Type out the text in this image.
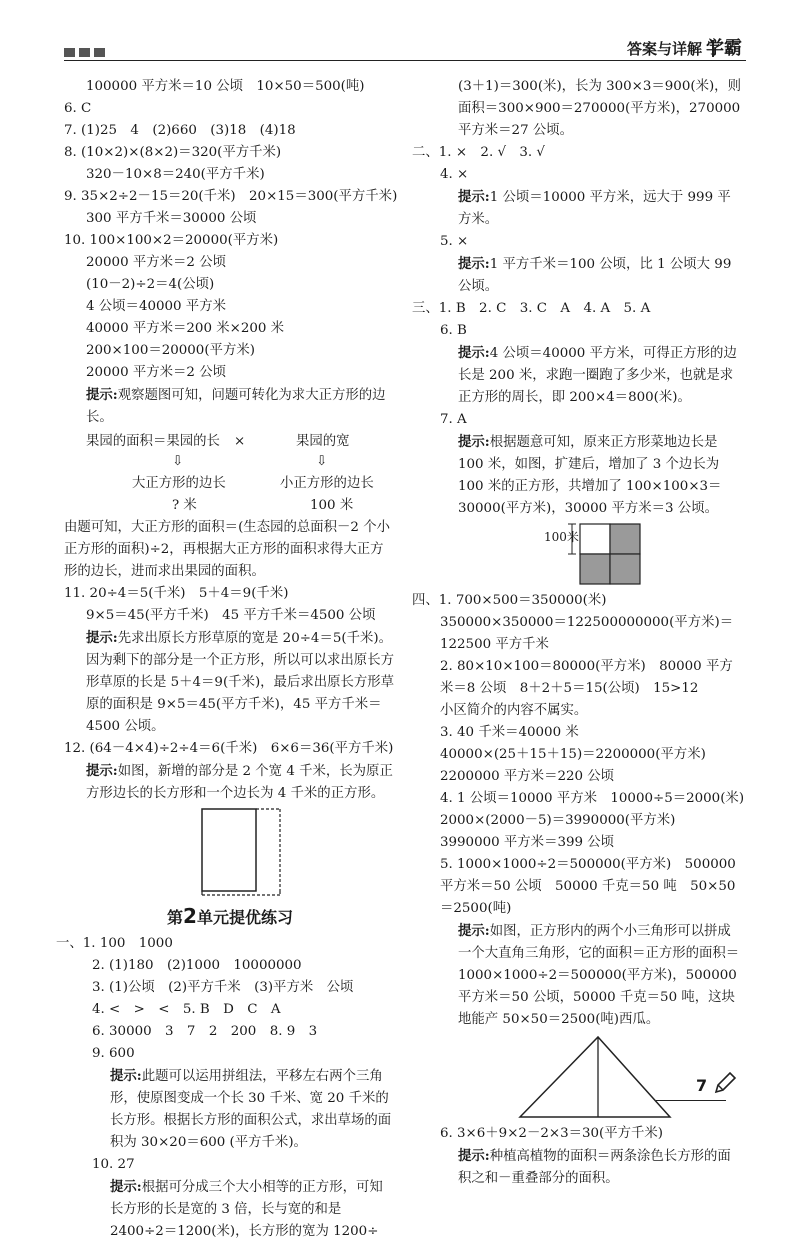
答案与详解 学霸
100000 平方米＝10 公顷　10×50＝500(吨)
6. C
7. (1)25　4　(2)660　(3)18　(4)18
8. (10×2)×(8×2)＝320(平方千米)
320－10×8＝240(平方千米)
9. 35×2÷2－15＝20(千米)　20×15＝300(平方千米)
300 平方千米＝30000 公顷
10. 100×100×2＝20000(平方米)
20000 平方米＝2 公顷
(10－2)÷2＝4(公顷)
4 公顷＝40000 平方米
40000 平方米＝200 米×200 米
200×100＝20000(平方米)
20000 平方米＝2 公顷
提示:观察题图可知，问题可转化为求大正方形的边长。
果园的面积＝果园的长 ×	果园的宽
⇩	⇩
大正方形的边长	小正方形的边长
? 米	100 米
由题可知，大正方形的面积＝(生态园的总面积－2 个小正方形的面积)÷2，再根据大正方形的面积求得大正方形的边长，进而求出果园的面积。
11. 20÷4＝5(千米)　5＋4＝9(千米)
9×5＝45(平方千米)　45 平方千米＝4500 公顷
提示:先求出原长方形草原的宽是 20÷4＝5(千米)。因为剩下的部分是一个正方形，所以可以求出原长方形草原的长是 5＋4＝9(千米)，最后求出原长方形草原的面积是 9×5＝45(平方千米)，45 平方千米＝4500 公顷。
12. (64－4×4)÷2÷4＝6(千米)　6×6＝36(平方千米)
提示:如图，新增的部分是 2 个宽 4 千米，长为原正方形边长的长方形和一个边长为 4 千米的正方形。
第2单元提优练习
一、1. 100　1000
2. (1)180　(2)1000　10000000
3. (1)公顷　(2)平方千米　(3)平方米　公顷
4. <　>　<　5. B　D　C　A
6. 30000　3　7　2　200　8. 9　3
9. 600
提示:此题可以运用拼组法，平移左右两个三角形，使原图变成一个长 30 千米、宽 20 千米的长方形。根据长方形的面积公式，求出草场的面积为 30×20＝600 (平方千米)。
10. 27
提示:根据可分成三个大小相等的正方形，可知长方形的长是宽的 3 倍，长与宽的和是 2400÷2＝1200(米)，长方形的宽为 1200÷
(3＋1)＝300(米)，长为 300×3＝900(米)，则面积＝300×900＝270000(平方米)，270000 平方米＝27 公顷。
二、1. ×　2. √　3. √
4. ×
提示:1 公顷＝10000 平方米，远大于 999 平方米。
5. ×
提示:1 平方千米＝100 公顷，比 1 公顷大 99 公顷。
三、1. B　2. C　3. C　A　4. A　5. A
6. B
提示:4 公顷＝40000 平方米，可得正方形的边长是 200 米，求跑一圈跑了多少米，也就是求正方形的周长，即 200×4＝800(米)。
7. A
提示:根据题意可知，原来正方形菜地边长是 100 米，如图，扩建后，增加了 3 个边长为 100 米的正方形，共增加了 100×100×3＝30000(平方米)，30000 平方米＝3 公顷。
100米
四、1. 700×500＝350000(米)
350000×350000＝122500000000(平方米)＝122500 平方千米
2. 80×10×100＝80000(平方米)　80000 平方米＝8 公顷　8＋2＋5＝15(公顷)　15>12
小区简介的内容不属实。
3. 40 千米＝40000 米
40000×(25＋15＋15)＝2200000(平方米)
2200000 平方米＝220 公顷
4. 1 公顷＝10000 平方米　10000÷5＝2000(米)
2000×(2000－5)＝3990000(平方米)
3990000 平方米＝399 公顷
5. 1000×1000÷2＝500000(平方米)　500000 平方米＝50 公顷　50000 千克＝50 吨　50×50＝2500(吨)
提示:如图，正方形内的两个小三角形可以拼成一个大直角三角形，它的面积＝正方形的面积＝1000×1000÷2＝500000(平方米)，500000 平方米＝50 公顷，50000 千克＝50 吨，这块地能产 50×50＝2500(吨)西瓜。
6. 3×6＋9×2－2×3＝30(平方千米)
提示:种植高植物的面积＝两条涂色长方形的面积之和－重叠部分的面积。
7
